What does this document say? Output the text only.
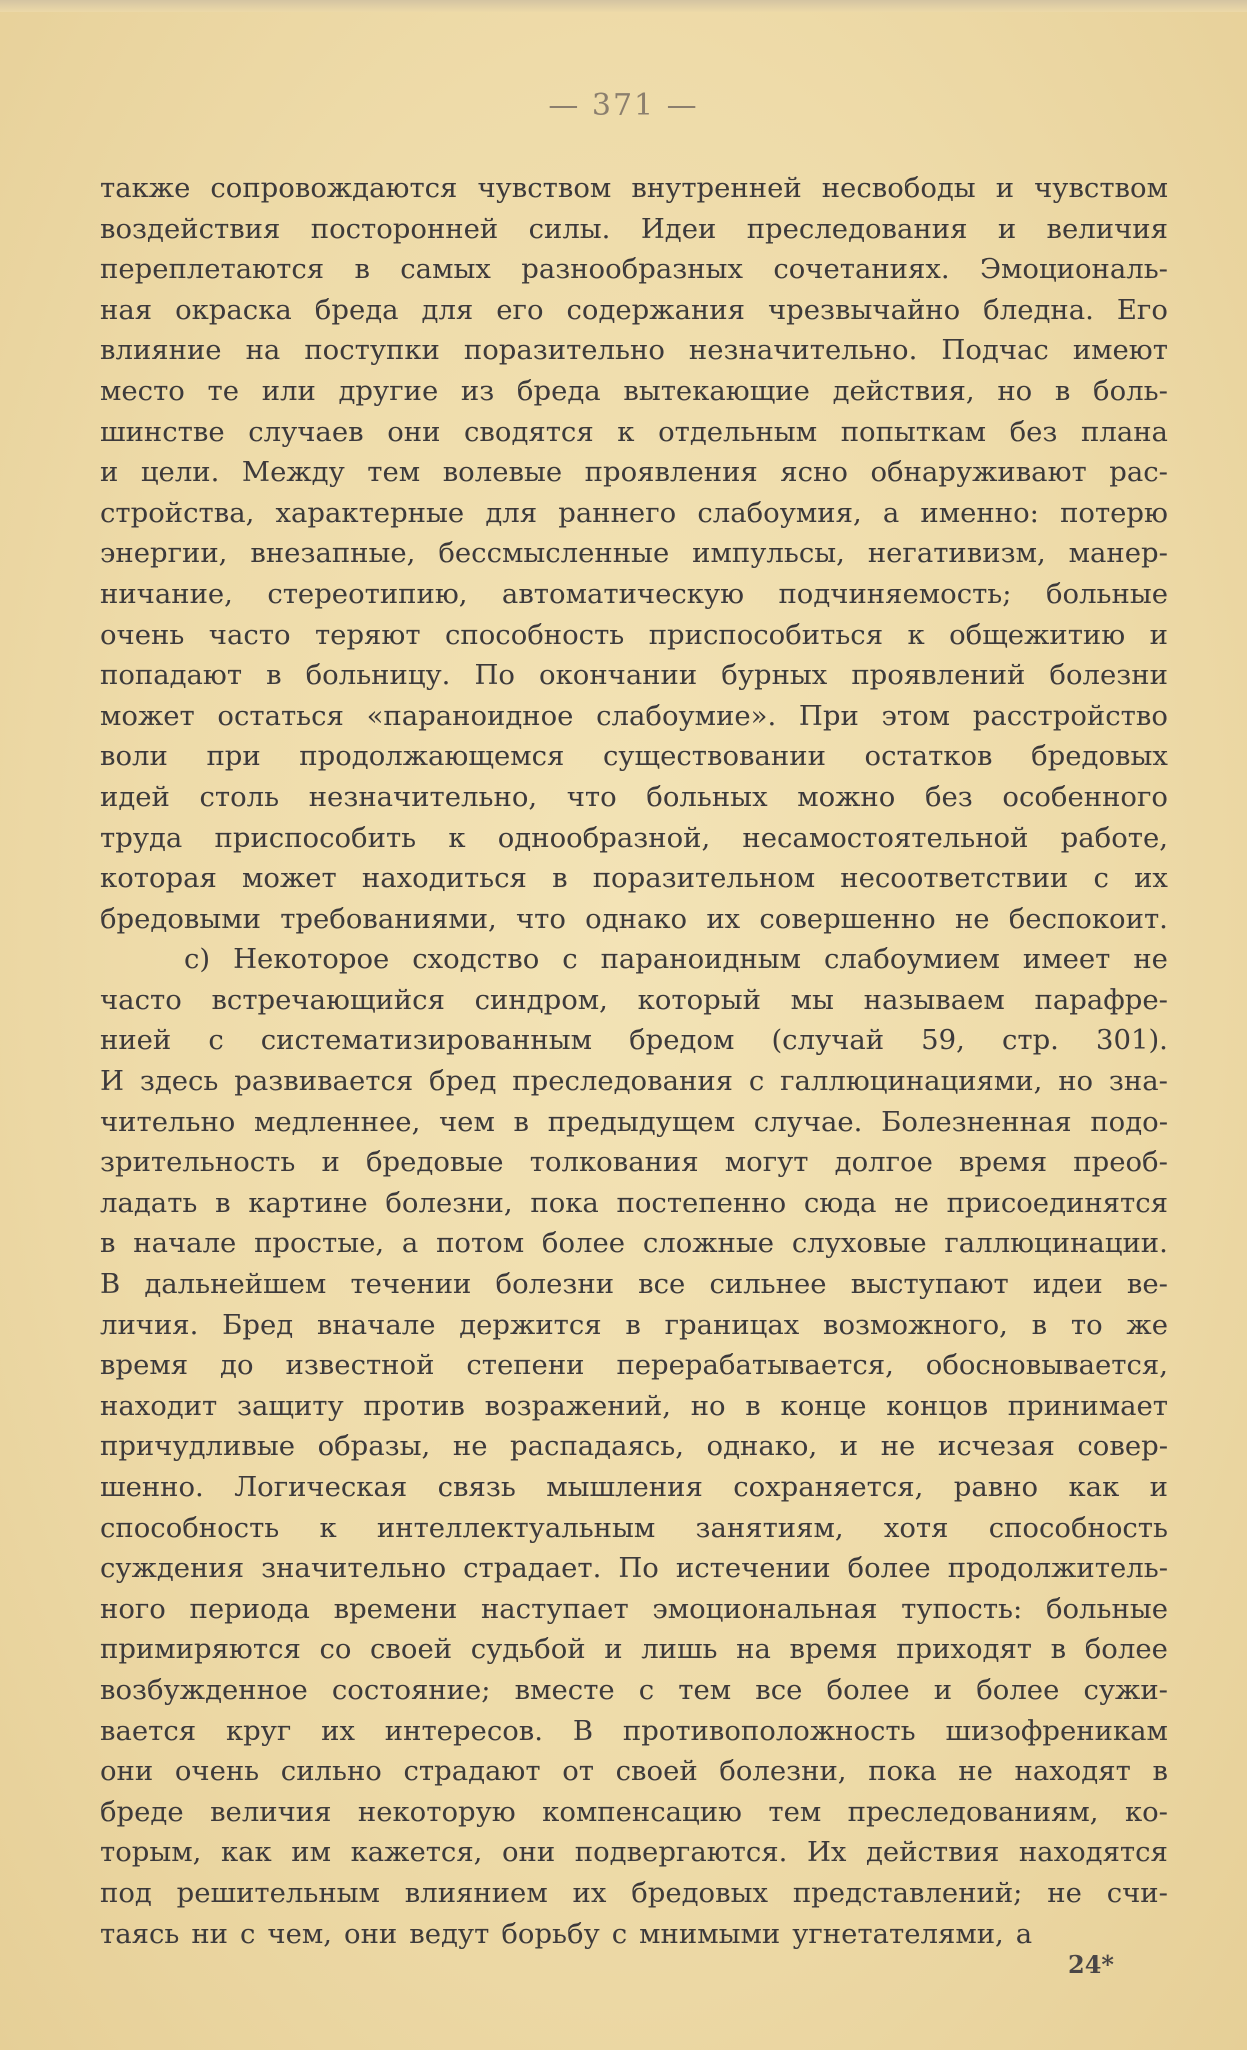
— 371 —
также сопровождаются чувством внутренней несвободы и чувством
воздействия посторонней силы. Идеи преследования и величия
переплетаются в самых разнообразных сочетаниях. Эмоциональ-
ная окраска бреда для его содержания чрезвычайно бледна. Его
влияние на поступки поразительно незначительно. Подчас имеют
место те или другие из бреда вытекающие действия, но в боль-
шинстве случаев они сводятся к отдельным попыткам без плана
и цели. Между тем волевые проявления ясно обнаруживают рас-
стройства, характерные для раннего слабоумия, а именно: потерю
энергии, внезапные, бессмысленные импульсы, негативизм, манер-
ничание, стереотипию, автоматическую подчиняемость; больные
очень часто теряют способность приспособиться к общежитию и
попадают в больницу. По окончании бурных проявлений болезни
может остаться «параноидное слабоумие». При этом расстройство
воли при продолжающемся существовании остатков бредовых
идей столь незначительно, что больных можно без особенного
труда приспособить к однообразной, несамостоятельной работе,
которая может находиться в поразительном несоответствии с их
бредовыми требованиями, что однако их совершенно не беспокоит.
с) Некоторое сходство с параноидным слабоумием имеет не
часто встречающийся синдром, который мы называем парафре-
нией с систематизированным бредом (случай 59, стр. 301).
И здесь развивается бред преследования с галлюцинациями, но зна-
чительно медленнее, чем в предыдущем случае. Болезненная подо-
зрительность и бредовые толкования могут долгое время преоб-
ладать в картине болезни, пока постепенно сюда не присоединятся
в начале простые, а потом более сложные слуховые галлюцинации.
В дальнейшем течении болезни все сильнее выступают идеи ве-
личия. Бред вначале держится в границах возможного, в то же
время до известной степени перерабатывается, обосновывается,
находит защиту против возражений, но в конце концов принимает
причудливые образы, не распадаясь, однако, и не исчезая совер-
шенно. Логическая связь мышления сохраняется, равно как и
способность к интеллектуальным занятиям, хотя способность
суждения значительно страдает. По истечении более продолжитель-
ного периода времени наступает эмоциональная тупость: больные
примиряются со своей судьбой и лишь на время приходят в более
возбужденное состояние; вместе с тем все более и более сужи-
вается круг их интересов. В противоположность шизофреникам
они очень сильно страдают от своей болезни, пока не находят в
бреде величия некоторую компенсацию тем преследованиям, ко-
торым, как им кажется, они подвергаются. Их действия находятся
под решительным влиянием их бредовых представлений; не счи-
таясь ни с чем, они ведут борьбу с мнимыми угнетателями, а
24*
